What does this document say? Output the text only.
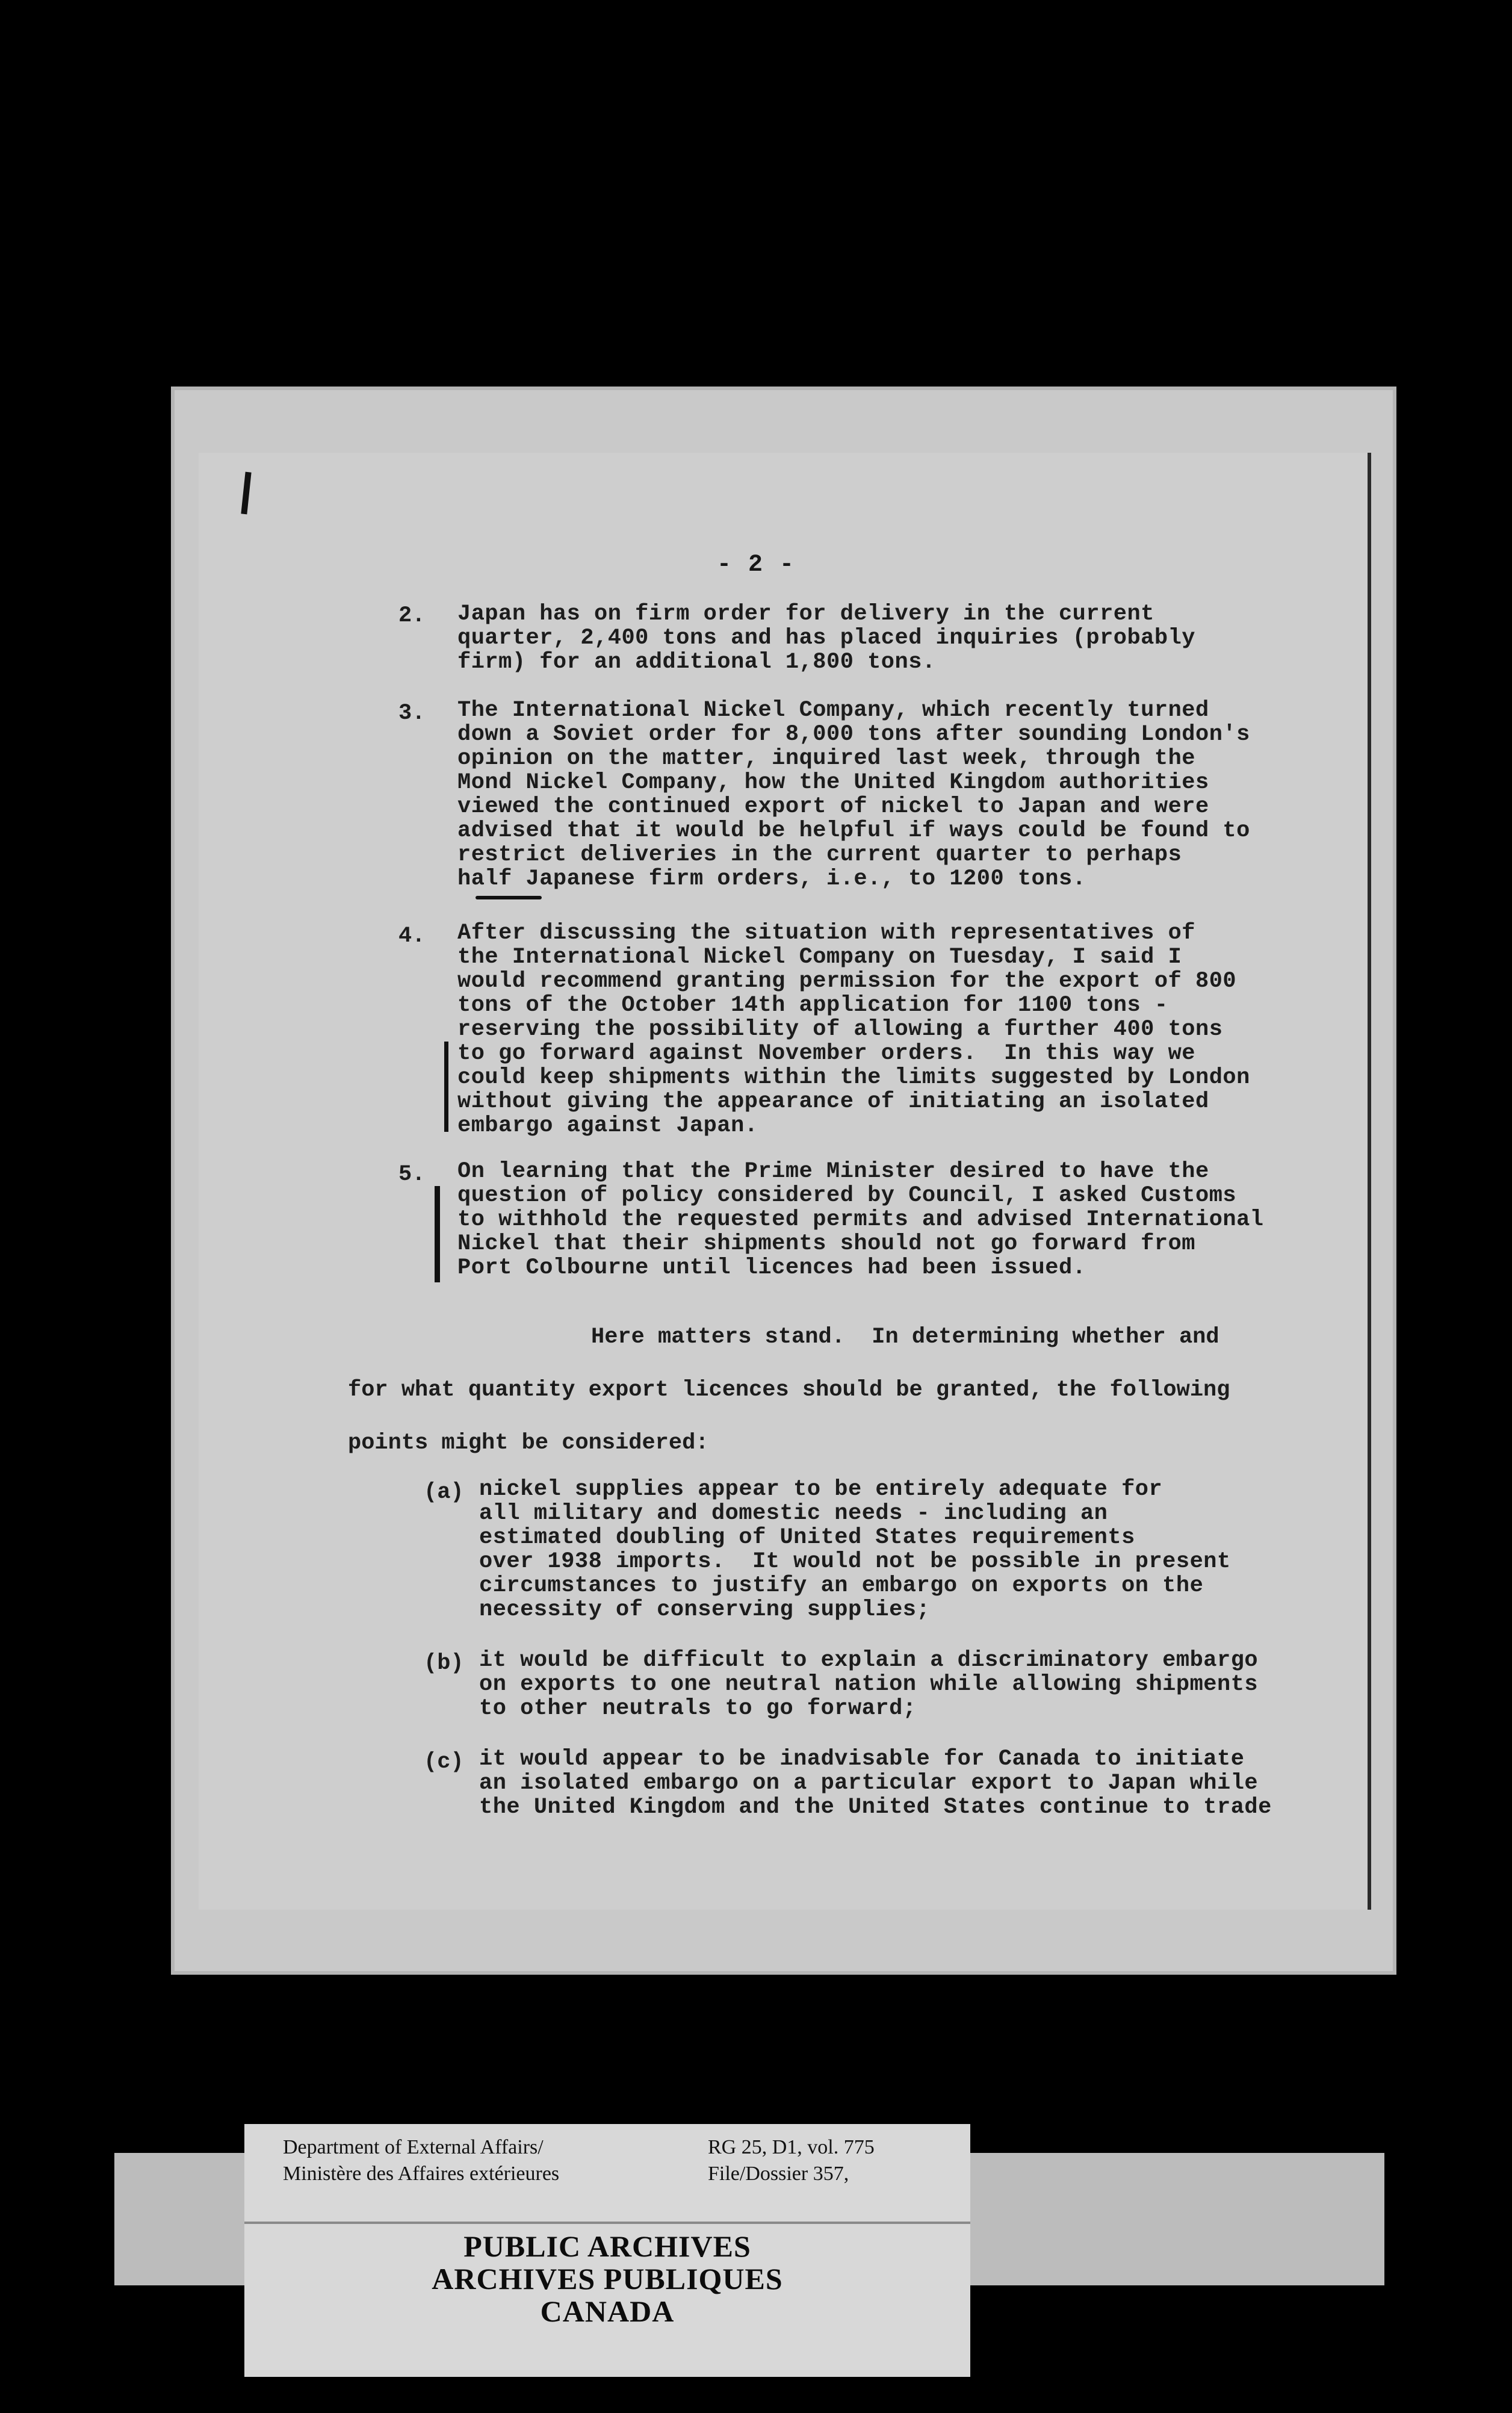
- 2 -
2. Japan has on firm order for delivery in the current
quarter, 2,400 tons and has placed inquiries (probably
firm) for an additional 1,800 tons.
3. The International Nickel Company, which recently turned
down a Soviet order for 8,000 tons after sounding London's
opinion on the matter, inquired last week, through the
Mond Nickel Company, how the United Kingdom authorities
viewed the continued export of nickel to Japan and were
advised that it would be helpful if ways could be found to
restrict deliveries in the current quarter to perhaps
half Japanese firm orders, i.e., to 1200 tons.
4. After discussing the situation with representatives of
the International Nickel Company on Tuesday, I said I
would recommend granting permission for the export of 800
tons of the October 14th application for 1100 tons -
reserving the possibility of allowing a further 400 tons
to go forward against November orders.  In this way we
could keep shipments within the limits suggested by London
without giving the appearance of initiating an isolated
embargo against Japan.
5. On learning that the Prime Minister desired to have the
question of policy considered by Council, I asked Customs
to withhold the requested permits and advised International
Nickel that their shipments should not go forward from
Port Colbourne until licences had been issued.
Here matters stand.  In determining whether and
for what quantity export licences should be granted, the following
points might be considered:
(a) nickel supplies appear to be entirely adequate for
all military and domestic needs - including an
estimated doubling of United States requirements
over 1938 imports.  It would not be possible in present
circumstances to justify an embargo on exports on the
necessity of conserving supplies;
(b) it would be difficult to explain a discriminatory embargo
on exports to one neutral nation while allowing shipments
to other neutrals to go forward;
(c) it would appear to be inadvisable for Canada to initiate
an isolated embargo on a particular export to Japan while
the United Kingdom and the United States continue to trade
Department of External Affairs/
Ministère des Affaires extérieures
RG 25, D1, vol. 775
File/Dossier 357,
PUBLIC ARCHIVES
ARCHIVES PUBLIQUES
CANADA
